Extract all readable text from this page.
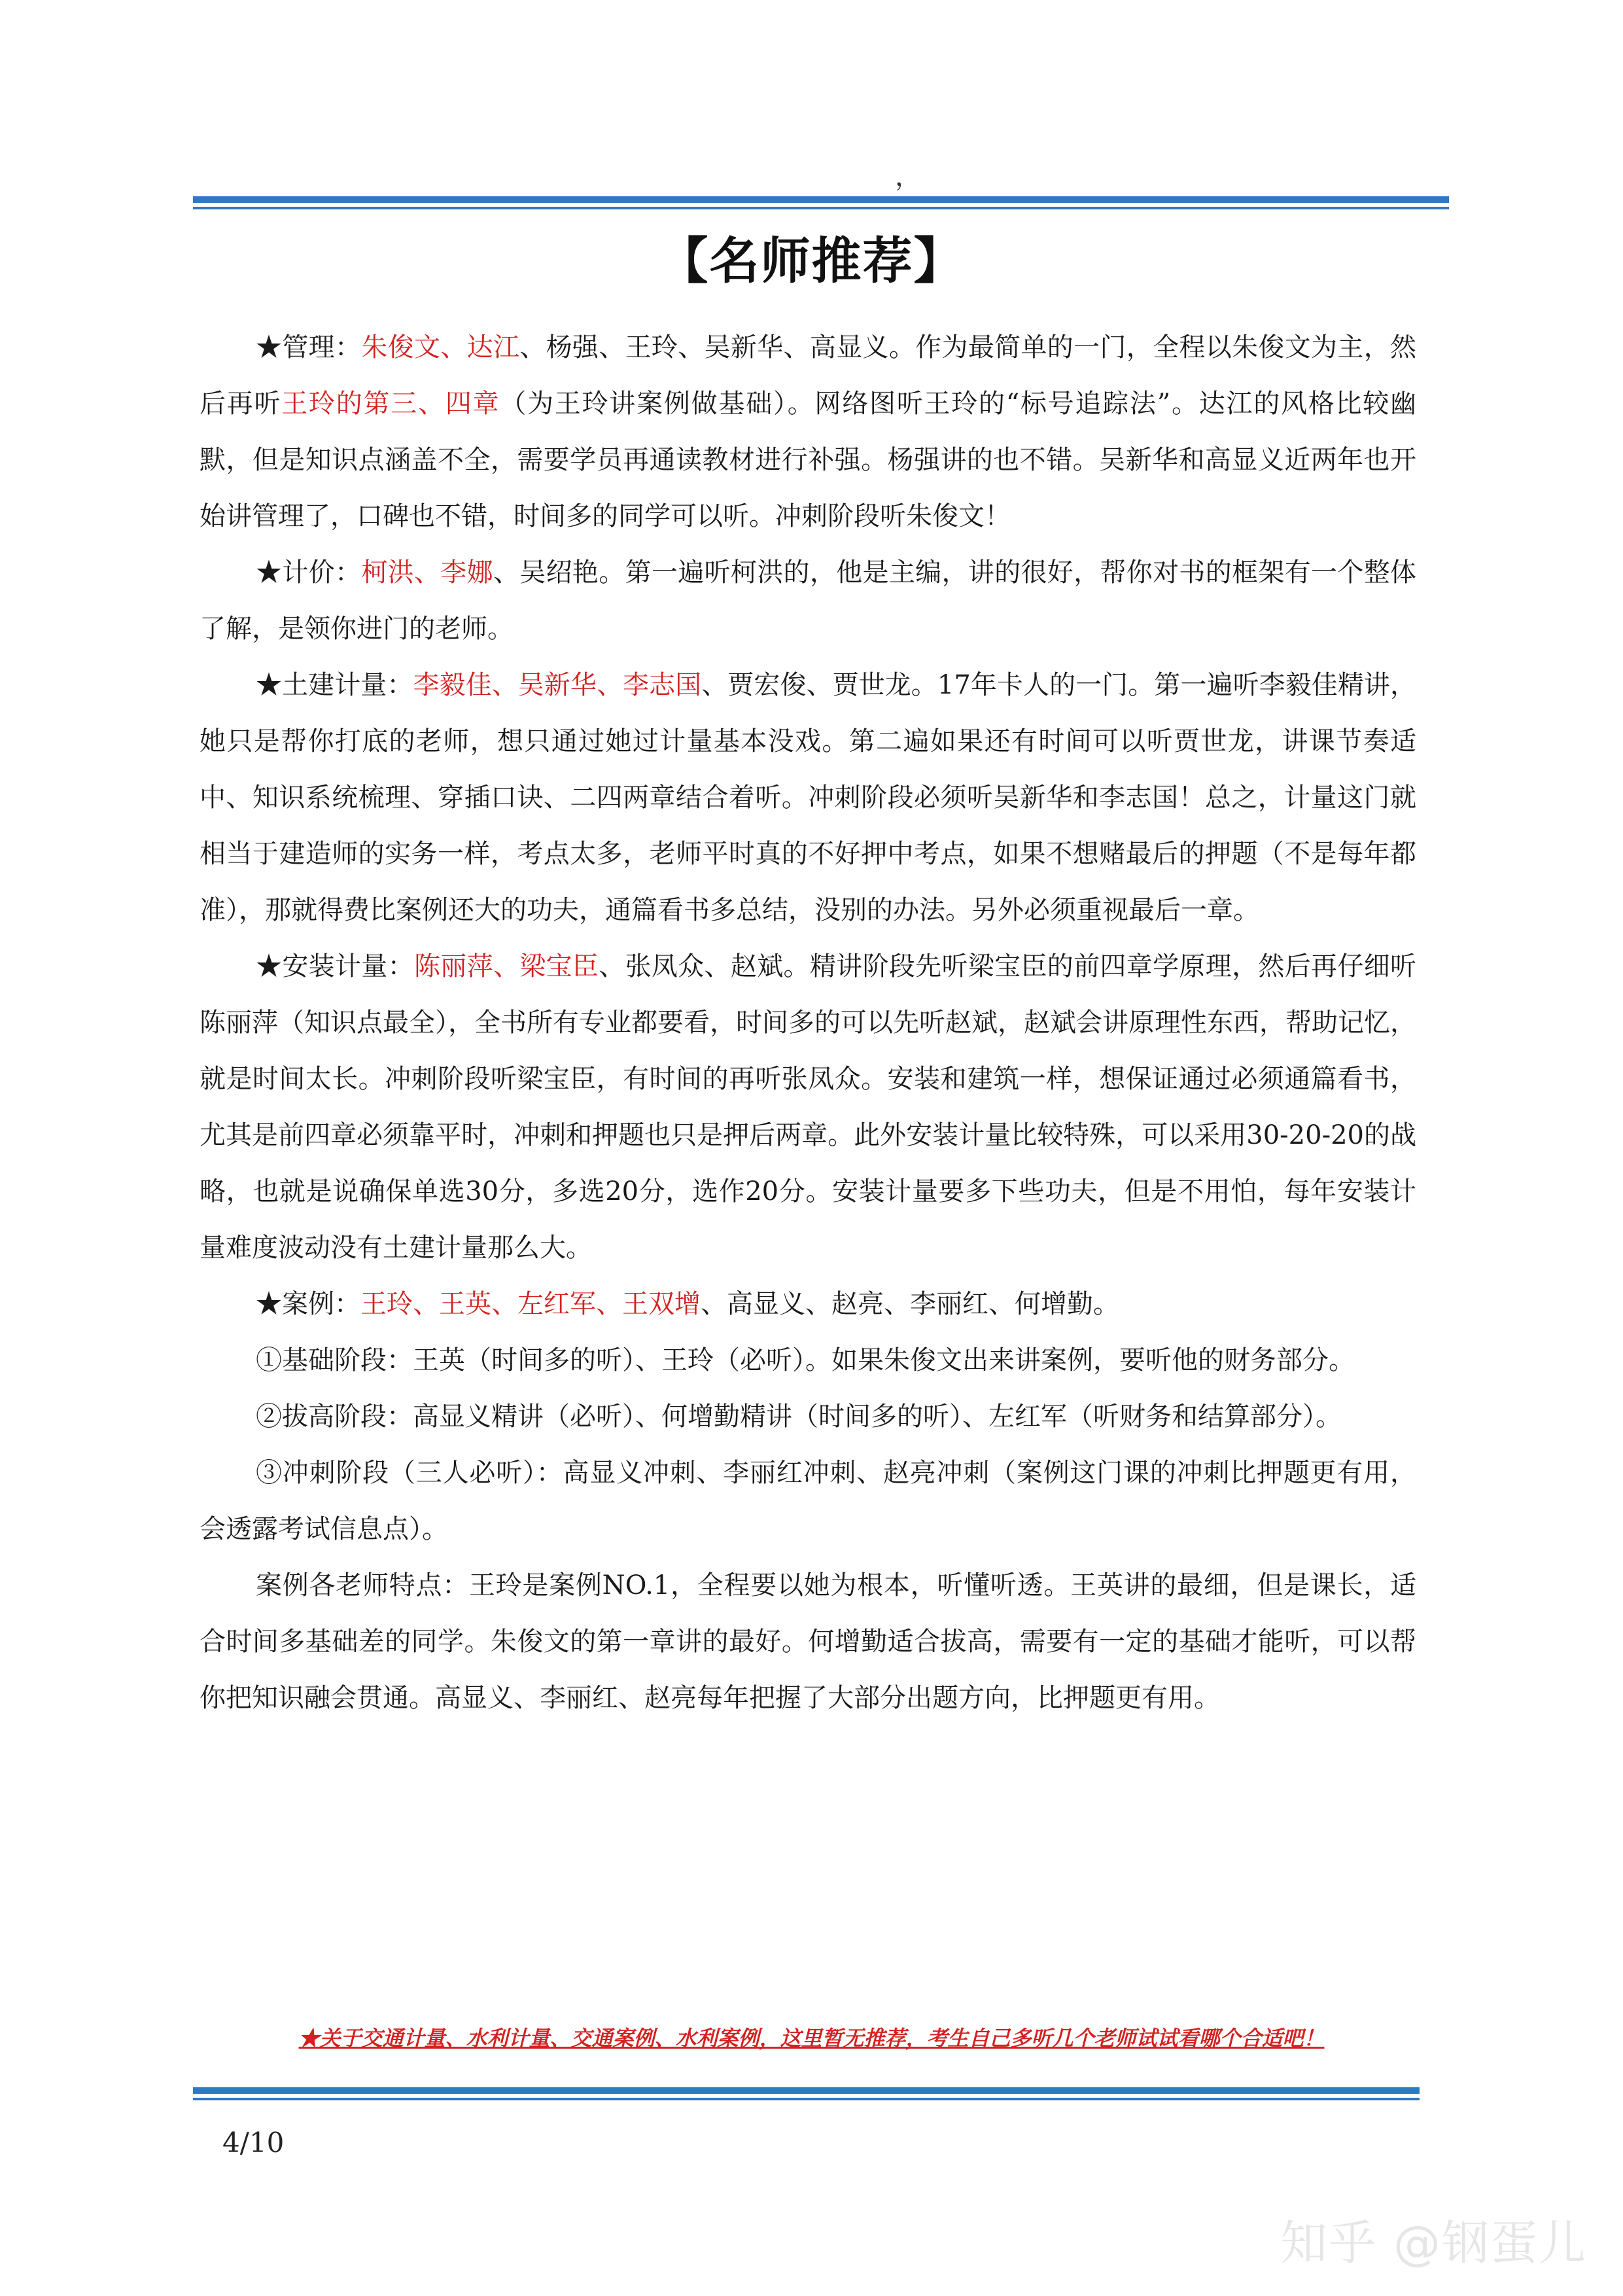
，
【名师推荐】

★管理：朱俊文、达江、杨强、王玲、吴新华、高显义。作为最简单的一门，全程以朱俊文为主，然后再听王玲的第三、四章（为王玲讲案例做基础）。网络图听王玲的“标号追踪法”。达江的风格比较幽默，但是知识点涵盖不全，需要学员再通读教材进行补强。杨强讲的也不错。吴新华和高显义近两年也开始讲管理了，口碑也不错，时间多的同学可以听。冲刺阶段听朱俊文！

★计价：柯洪、李娜、吴绍艳。第一遍听柯洪的，他是主编，讲的很好，帮你对书的框架有一个整体了解，是领你进门的老师。

★土建计量：李毅佳、吴新华、李志国、贾宏俊、贾世龙。17年卡人的一门。第一遍听李毅佳精讲，她只是帮你打底的老师，想只通过她过计量基本没戏。第二遍如果还有时间可以听贾世龙，讲课节奏适中、知识系统梳理、穿插口诀、二四两章结合着听。冲刺阶段必须听吴新华和李志国！总之，计量这门就相当于建造师的实务一样，考点太多，老师平时真的不好押中考点，如果不想赌最后的押题（不是每年都准），那就得费比案例还大的功夫，通篇看书多总结，没别的办法。另外必须重视最后一章。

★安装计量：陈丽萍、梁宝臣、张凤众、赵斌。精讲阶段先听梁宝臣的前四章学原理，然后再仔细听陈丽萍（知识点最全），全书所有专业都要看，时间多的可以先听赵斌，赵斌会讲原理性东西，帮助记忆，就是时间太长。冲刺阶段听梁宝臣，有时间的再听张凤众。安装和建筑一样，想保证通过必须通篇看书，尤其是前四章必须靠平时，冲刺和押题也只是押后两章。此外安装计量比较特殊，可以采用30-20-20的战略，也就是说确保单选30分，多选20分，选作20分。安装计量要多下些功夫，但是不用怕，每年安装计量难度波动没有土建计量那么大。

★案例：王玲、王英、左红军、王双增、高显义、赵亮、李丽红、何增勤。

①基础阶段：王英（时间多的听）、王玲（必听）。如果朱俊文出来讲案例，要听他的财务部分。

②拔高阶段：高显义精讲（必听）、何增勤精讲（时间多的听）、左红军（听财务和结算部分）。

③冲刺阶段（三人必听）：高显义冲刺、李丽红冲刺、赵亮冲刺（案例这门课的冲刺比押题更有用，会透露考试信息点）。

案例各老师特点：王玲是案例NO.1，全程要以她为根本，听懂听透。王英讲的最细，但是课长，适合时间多基础差的同学。朱俊文的第一章讲的最好。何增勤适合拔高，需要有一定的基础才能听，可以帮你把知识融会贯通。高显义、李丽红、赵亮每年把握了大部分出题方向，比押题更有用。

★关于交通计量、水利计量、交通案例、水利案例，这里暂无推荐，考生自己多听几个老师试试看哪个合适吧！
4/10
知乎 @钢蛋儿
